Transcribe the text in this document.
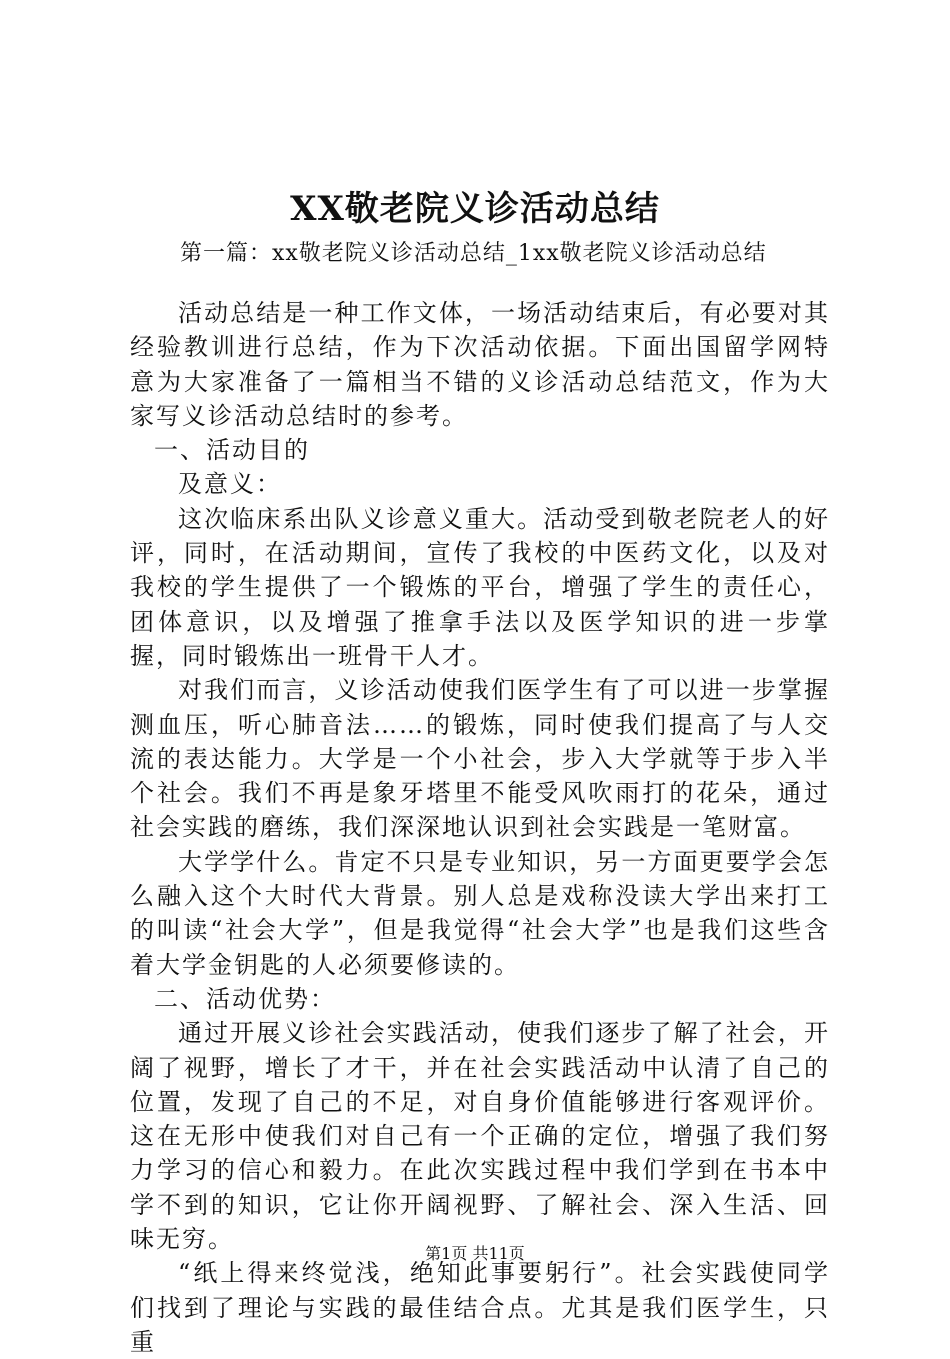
XX敬老院义诊活动总结
第一篇：xx敬老院义诊活动总结_1xx敬老院义诊活动总结

活动总结是一种工作文体，一场活动结束后，有必要对其经验教训进行总结，作为下次活动依据。下面出国留学网特意为大家准备了一篇相当不错的义诊活动总结范文，作为大家写义诊活动总结时的参考。

一、活动目的

及意义：

这次临床系出队义诊意义重大。活动受到敬老院老人的好评，同时，在活动期间，宣传了我校的中医药文化，以及对我校的学生提供了一个锻炼的平台，增强了学生的责任心，团体意识，以及增强了推拿手法以及医学知识的进一步掌握，同时锻炼出一班骨干人才。

对我们而言，义诊活动使我们医学生有了可以进一步掌握测血压，听心肺音法……的锻炼，同时使我们提高了与人交流的表达能力。大学是一个小社会，步入大学就等于步入半个社会。我们不再是象牙塔里不能受风吹雨打的花朵，通过社会实践的磨练，我们深深地认识到社会实践是一笔财富。

大学学什么。肯定不只是专业知识，另一方面更要学会怎么融入这个大时代大背景。别人总是戏称没读大学出来打工的叫读“社会大学”，但是我觉得“社会大学”也是我们这些含着大学金钥匙的人必须要修读的。

二、活动优势：

通过开展义诊社会实践活动，使我们逐步了解了社会，开阔了视野，增长了才干，并在社会实践活动中认清了自己的位置，发现了自己的不足，对自身价值能够进行客观评价。这在无形中使我们对自己有一个正确的定位，增强了我们努力学习的信心和毅力。在此次实践过程中我们学到在书本中学不到的知识，它让你开阔视野、了解社会、深入生活、回味无穷。

“纸上得来终觉浅，绝知此事要躬行”。社会实践使同学们找到了理论与实践的最佳结合点。尤其是我们医学生，只重

第1页 共11页
